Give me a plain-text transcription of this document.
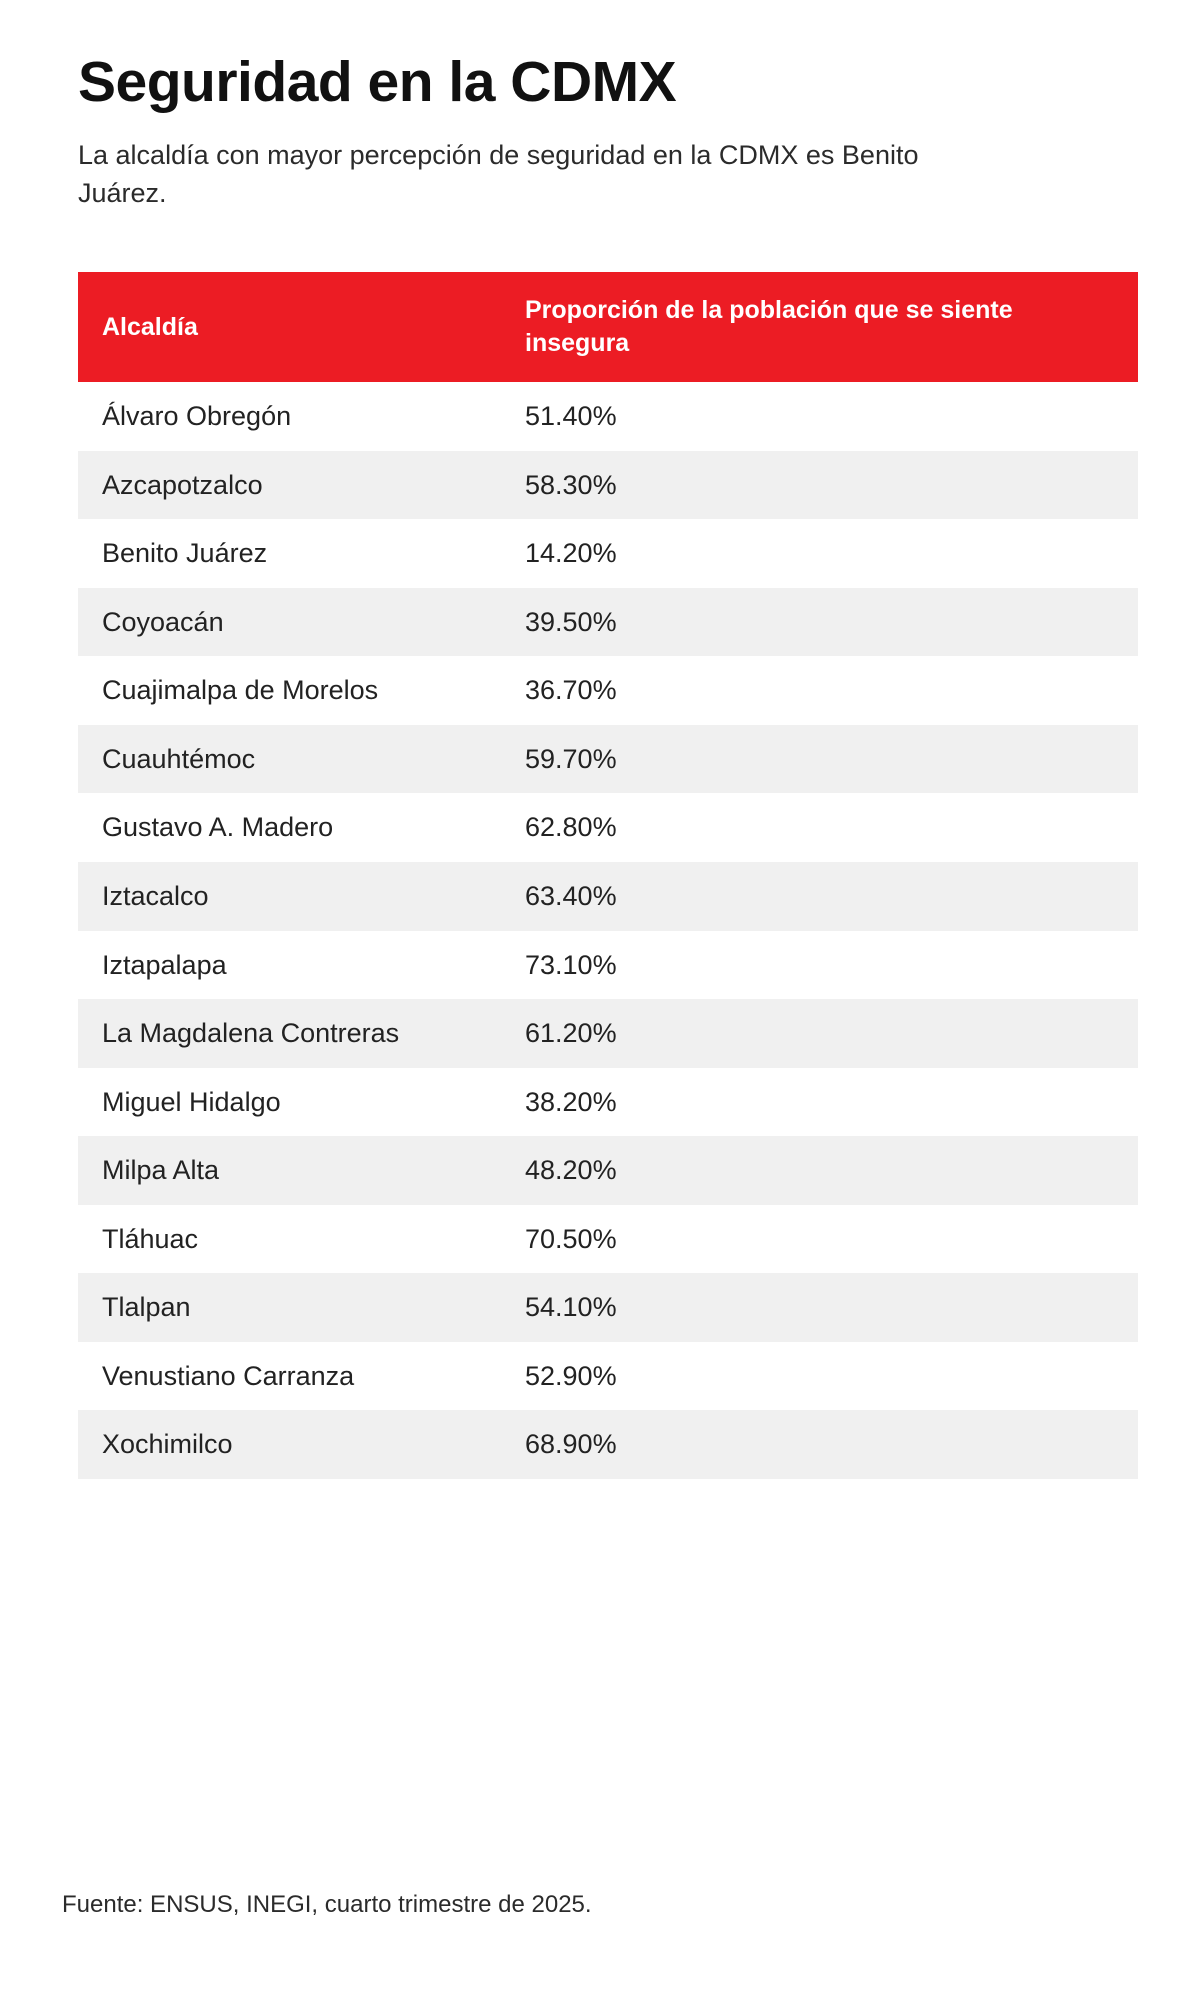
Seguridad en la CDMX

La alcaldía con mayor percepción de seguridad en la CDMX es Benito Juárez.

Alcaldía	Proporción de la población que se siente insegura
Álvaro Obregón	51.40%
Azcapotzalco	58.30%
Benito Juárez	14.20%
Coyoacán	39.50%
Cuajimalpa de Morelos	36.70%
Cuauhtémoc	59.70%
Gustavo A. Madero	62.80%
Iztacalco	63.40%
Iztapalapa	73.10%
La Magdalena Contreras	61.20%
Miguel Hidalgo	38.20%
Milpa Alta	48.20%
Tláhuac	70.50%
Tlalpan	54.10%
Venustiano Carranza	52.90%
Xochimilco	68.90%
Fuente: ENSUS, INEGI, cuarto trimestre de 2025.
